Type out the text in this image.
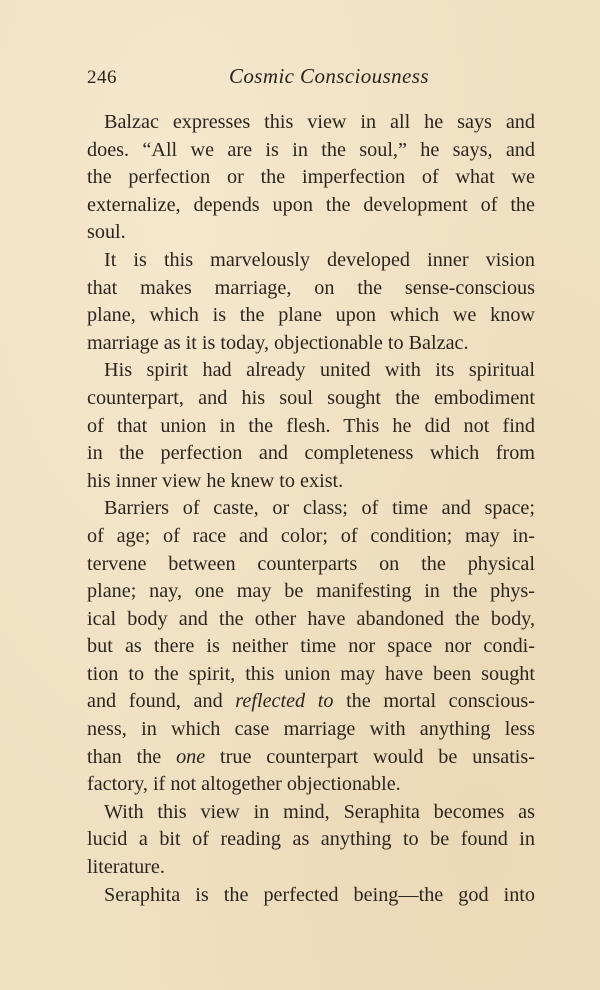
246	Cosmic Consciousness
Balzac expresses this view in all he says and
does. “All we are is in the soul,” he says, and
the perfection or the imperfection of what we
externalize, depends upon the development of the
soul.
It is this marvelously developed inner vision
that makes marriage, on the sense-conscious
plane, which is the plane upon which we know
marriage as it is today, objectionable to Balzac.
His spirit had already united with its spiritual
counterpart, and his soul sought the embodiment
of that union in the flesh. This he did not find
in the perfection and completeness which from
his inner view he knew to exist.
Barriers of caste, or class; of time and space;
of age; of race and color; of condition; may in-
tervene between counterparts on the physical
plane; nay, one may be manifesting in the phys-
ical body and the other have abandoned the body,
but as there is neither time nor space nor condi-
tion to the spirit, this union may have been sought
and found, and reflected to the mortal conscious-
ness, in which case marriage with anything less
than the one true counterpart would be unsatis-
factory, if not altogether objectionable.
With this view in mind, Seraphita becomes as
lucid a bit of reading as anything to be found in
literature.
Seraphita is the perfected being—the god into
